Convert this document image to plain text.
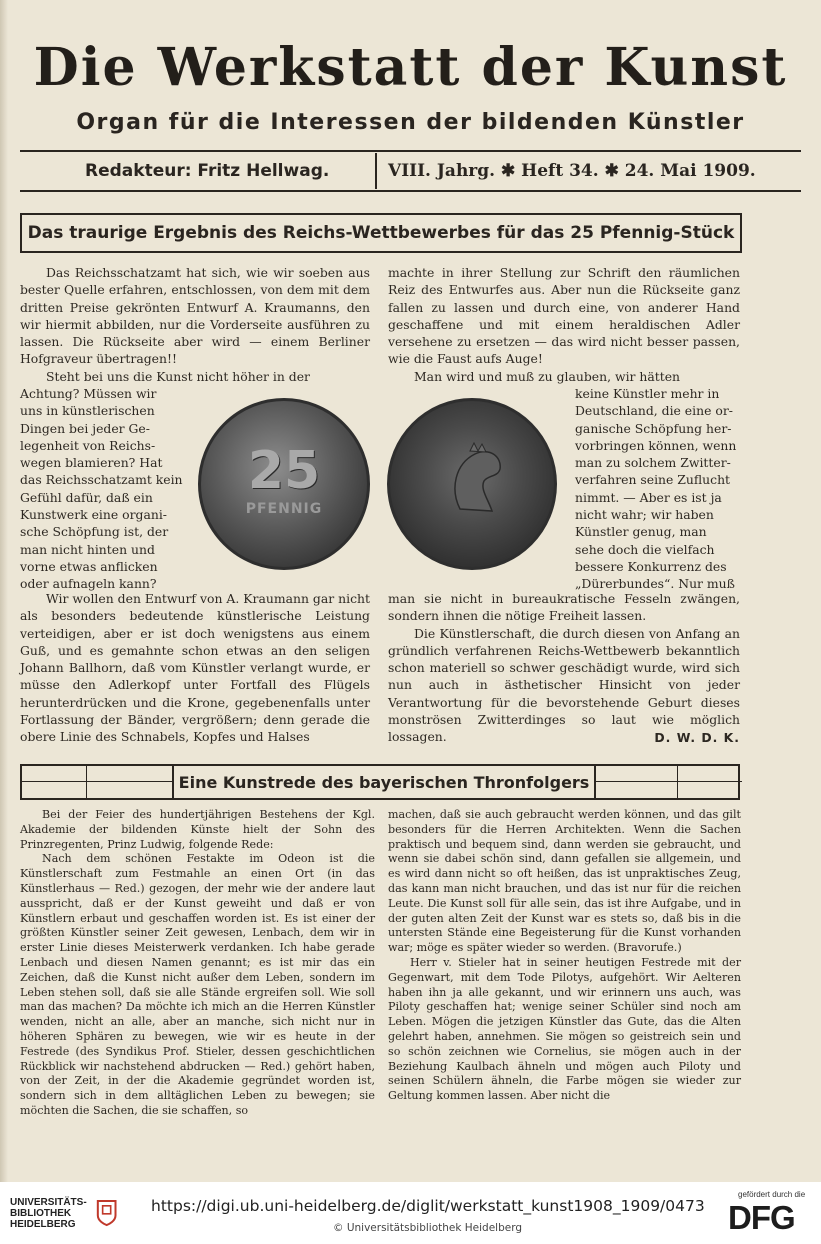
Die Werkstatt der Kunst
Organ für die Interessen der bildenden Künstler
Redakteur: Fritz Hellwag.	VIII. Jahrg. ✱ Heft 34. ✱ 24. Mai 1909.
Das traurige Ergebnis des Reichs-Wettbewerbes für das 25 Pfennig-Stück

Das Reichsschatzamt hat sich, wie wir soeben aus bester Quelle erfahren, entschlossen, von dem mit dem dritten Preise gekrönten Entwurf A. Kraumanns, den wir hiermit abbilden, nur die Vorderseite ausführen zu lassen. Die Rückseite aber wird — einem Berliner Hofgraveur übertragen!!

Steht bei uns die Kunst nicht höher in der

Achtung? Müssen wir

uns in künstlerischen

Dingen bei jeder Ge-

legenheit von Reichs-

wegen blamieren? Hat

das Reichsschatzamt kein

Gefühl dafür, daß ein

Kunstwerk eine organi-

sche Schöpfung ist, der

man nicht hinten und

vorne etwas anflicken

oder aufnageln kann?

Wir wollen den Entwurf von A. Kraumann gar nicht als besonders bedeutende künstlerische Leistung verteidigen, aber er ist doch wenigstens aus einem Guß, und es gemahnte schon etwas an den seligen Johann Ballhorn, daß vom Künstler verlangt wurde, er müsse den Adlerkopf unter Fortfall des Flügels herunterdrücken und die Krone, gegebenenfalls unter Fortlassung der Bänder, vergrößern; denn gerade die obere Linie des Schnabels, Kopfes und Halses

25
PFENNIG

machte in ihrer Stellung zur Schrift den räumlichen Reiz des Entwurfes aus. Aber nun die Rückseite ganz fallen zu lassen und durch eine, von anderer Hand geschaffene und mit einem heraldischen Adler versehene zu ersetzen — das wird nicht besser passen, wie die Faust aufs Auge!

Man wird und muß zu glauben, wir hätten

keine Künstler mehr in

Deutschland, die eine or-

ganische Schöpfung her-

vorbringen können, wenn

man zu solchem Zwitter-

verfahren seine Zuflucht

nimmt. — Aber es ist ja

nicht wahr; wir haben

Künstler genug, man

sehe doch die vielfach

bessere Konkurrenz des

„Dürerbundes“. Nur muß

man sie nicht in bureaukratische Fesseln zwängen, sondern ihnen die nötige Freiheit lassen.

Die Künstlerschaft, die durch diesen von Anfang an gründlich verfahrenen Reichs-Wettbewerb bekanntlich schon materiell so schwer geschädigt wurde, wird sich nun auch in ästhetischer Hinsicht von jeder Verantwortung für die bevorstehende Geburt dieses monströsen Zwitterdinges so laut wie möglich lossagen.	D. W. D. K.

Eine Kunstrede des bayerischen Thronfolgers

Bei der Feier des hundertjährigen Bestehens der Kgl. Akademie der bildenden Künste hielt der Sohn des Prinzregenten, Prinz Ludwig, folgende Rede:

Nach dem schönen Festakte im Odeon ist die Künstlerschaft zum Festmahle an einen Ort (in das Künstlerhaus — Red.) gezogen, der mehr wie der andere laut ausspricht, daß er der Kunst geweiht und daß er von Künstlern erbaut und geschaffen worden ist. Es ist einer der größten Künstler seiner Zeit gewesen, Lenbach, dem wir in erster Linie dieses Meisterwerk verdanken. Ich habe gerade Lenbach und diesen Namen genannt; es ist mir das ein Zeichen, daß die Kunst nicht außer dem Leben, sondern im Leben stehen soll, daß sie alle Stände ergreifen soll. Wie soll man das machen? Da möchte ich mich an die Herren Künstler wenden, nicht an alle, aber an manche, sich nicht nur in höheren Sphären zu bewegen, wie wir es heute in der Festrede (des Syndikus Prof. Stieler, dessen geschichtlichen Rückblick wir nachstehend abdrucken — Red.) gehört haben, von der Zeit, in der die Akademie gegründet worden ist, sondern sich in dem alltäglichen Leben zu bewegen; sie möchten die Sachen, die sie schaffen, so

machen, daß sie auch gebraucht werden können, und das gilt besonders für die Herren Architekten. Wenn die Sachen praktisch und bequem sind, dann werden sie gebraucht, und wenn sie dabei schön sind, dann gefallen sie allgemein, und es wird dann nicht so oft heißen, das ist unpraktisches Zeug, das kann man nicht brauchen, und das ist nur für die reichen Leute. Die Kunst soll für alle sein, das ist ihre Aufgabe, und in der guten alten Zeit der Kunst war es stets so, daß bis in die untersten Stände eine Begeisterung für die Kunst vorhanden war; möge es später wieder so werden. (Bravorufe.)

Herr v. Stieler hat in seiner heutigen Festrede mit der Gegenwart, mit dem Tode Pilotys, aufgehört. Wir Aelteren haben ihn ja alle gekannt, und wir erinnern uns auch, was Piloty geschaffen hat; wenige seiner Schüler sind noch am Leben. Mögen die jetzigen Künstler das Gute, das die Alten gelehrt haben, annehmen. Sie mögen so geistreich sein und so schön zeichnen wie Cornelius, sie mögen auch in der Beziehung Kaulbach ähneln und mögen auch Piloty und seinen Schülern ähneln, die Farbe mögen sie wieder zur Geltung kommen lassen. Aber nicht die

UNIVERSITÄTS-
BIBLIOTHEK
HEIDELBERG
https://digi.ub.uni-heidelberg.de/diglit/werkstatt_kunst1908_1909/0473
© Universitätsbibliothek Heidelberg
gefördert durch die
DFG
